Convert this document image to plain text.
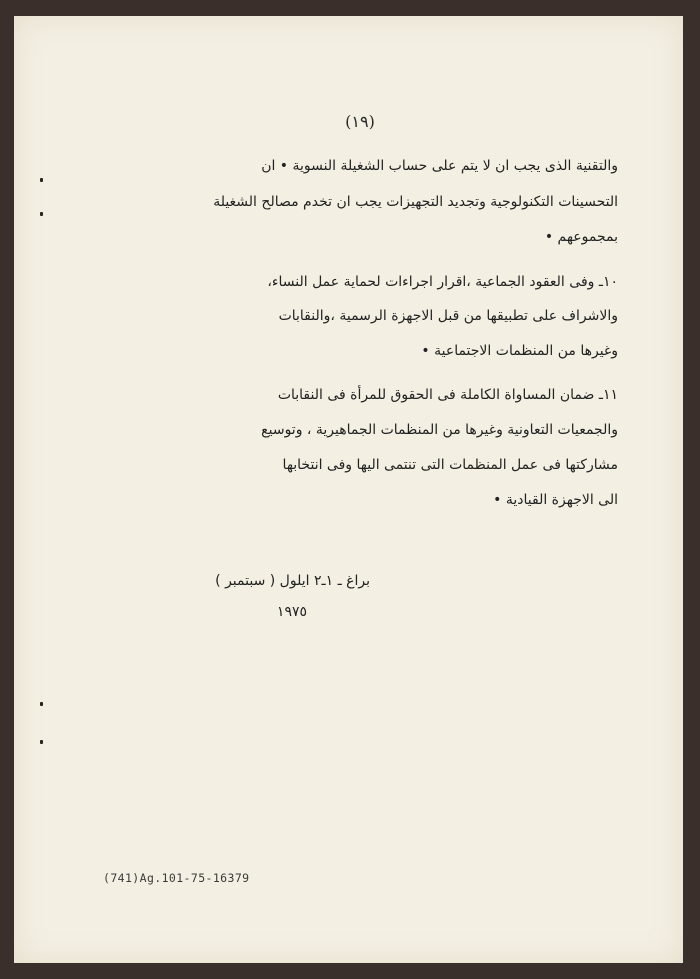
(١٩)
والتقنية الذى يجب ان لا يتم على حساب الشغيلة النسوية • ان
التحسينات التكنولوجية وتجديد التجهيزات يجب ان تخدم مصالح الشغيلة
بمجموعهم •
١٠ـ وفى العقود الجماعية ،اقرار اجراءات لحماية عمل النساء،
والاشراف على تطبيقها من قبل الاجهزة الرسمية ،والنقابات
وغيرها من المنظمات الاجتماعية •
١١ـ ضمان المساواة الكاملة فى الحقوق للمرأة فى النقابات
والجمعيات التعاونية وغيرها من المنظمات الجماهيرية ، وتوسيع
مشاركتها فى عمل المنظمات التى تنتمى اليها وفى انتخابها
الى الاجهزة القيادية •
براغ ـ ١ـ٢ ايلول ( سبتمبر )
١٩٧٥
(741)Ag.101-75-16379
